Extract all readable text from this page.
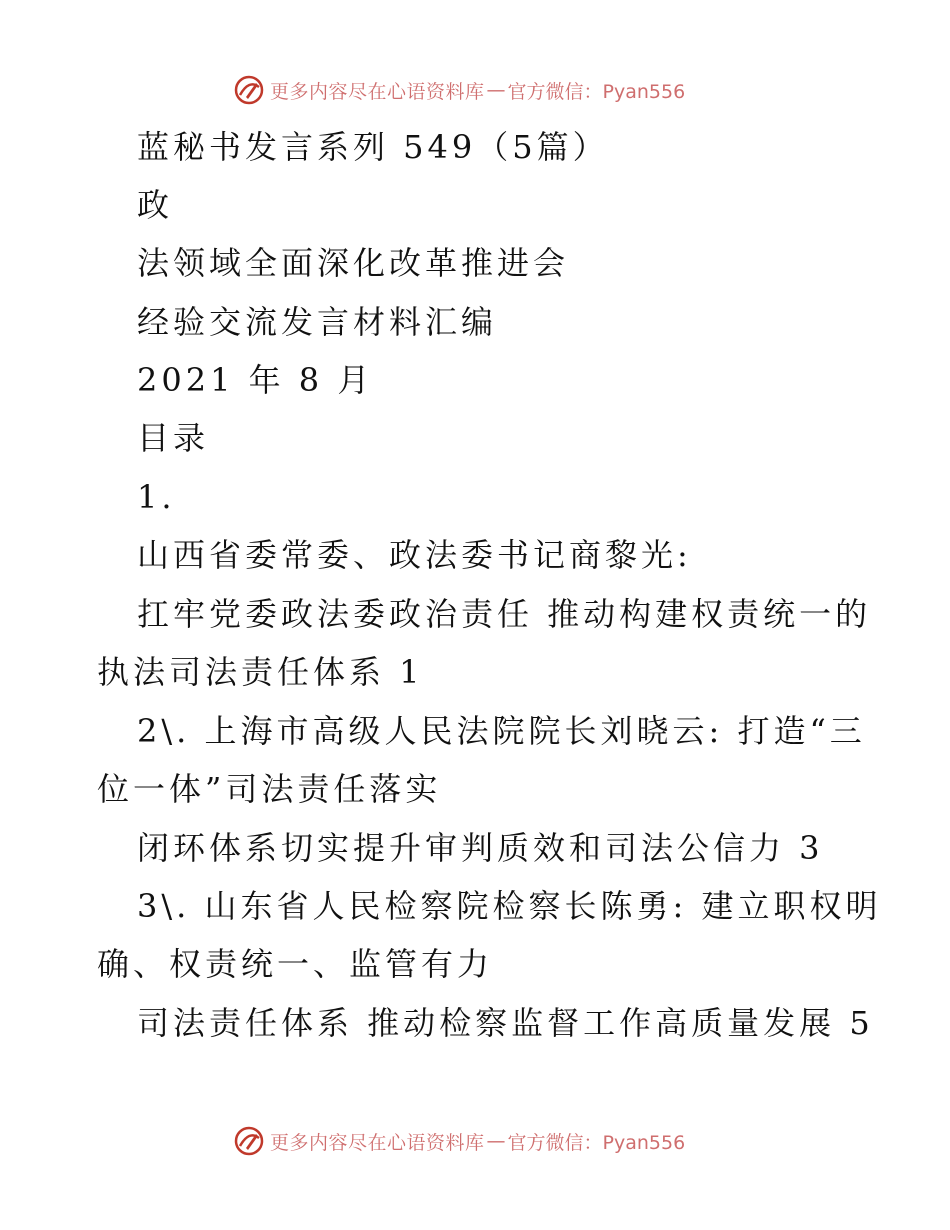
更多内容尽在心语资料库 — 官方微信：Pyan556
蓝秘书发言系列 549（5篇）
政
法领域全面深化改革推进会
经验交流发言材料汇编
2021 年 8 月
目录
1.
山西省委常委、政法委书记商黎光:
扛牢党委政法委政治责任 推动构建权责统一的
执法司法责任体系 1
2\. 上海市高级人民法院院长刘晓云: 打造“三
位一体”司法责任落实
闭环体系切实提升审判质效和司法公信力 3
3\. 山东省人民检察院检察长陈勇: 建立职权明
确、权责统一、监管有力
司法责任体系 推动检察监督工作高质量发展 5
更多内容尽在心语资料库 — 官方微信：Pyan556
